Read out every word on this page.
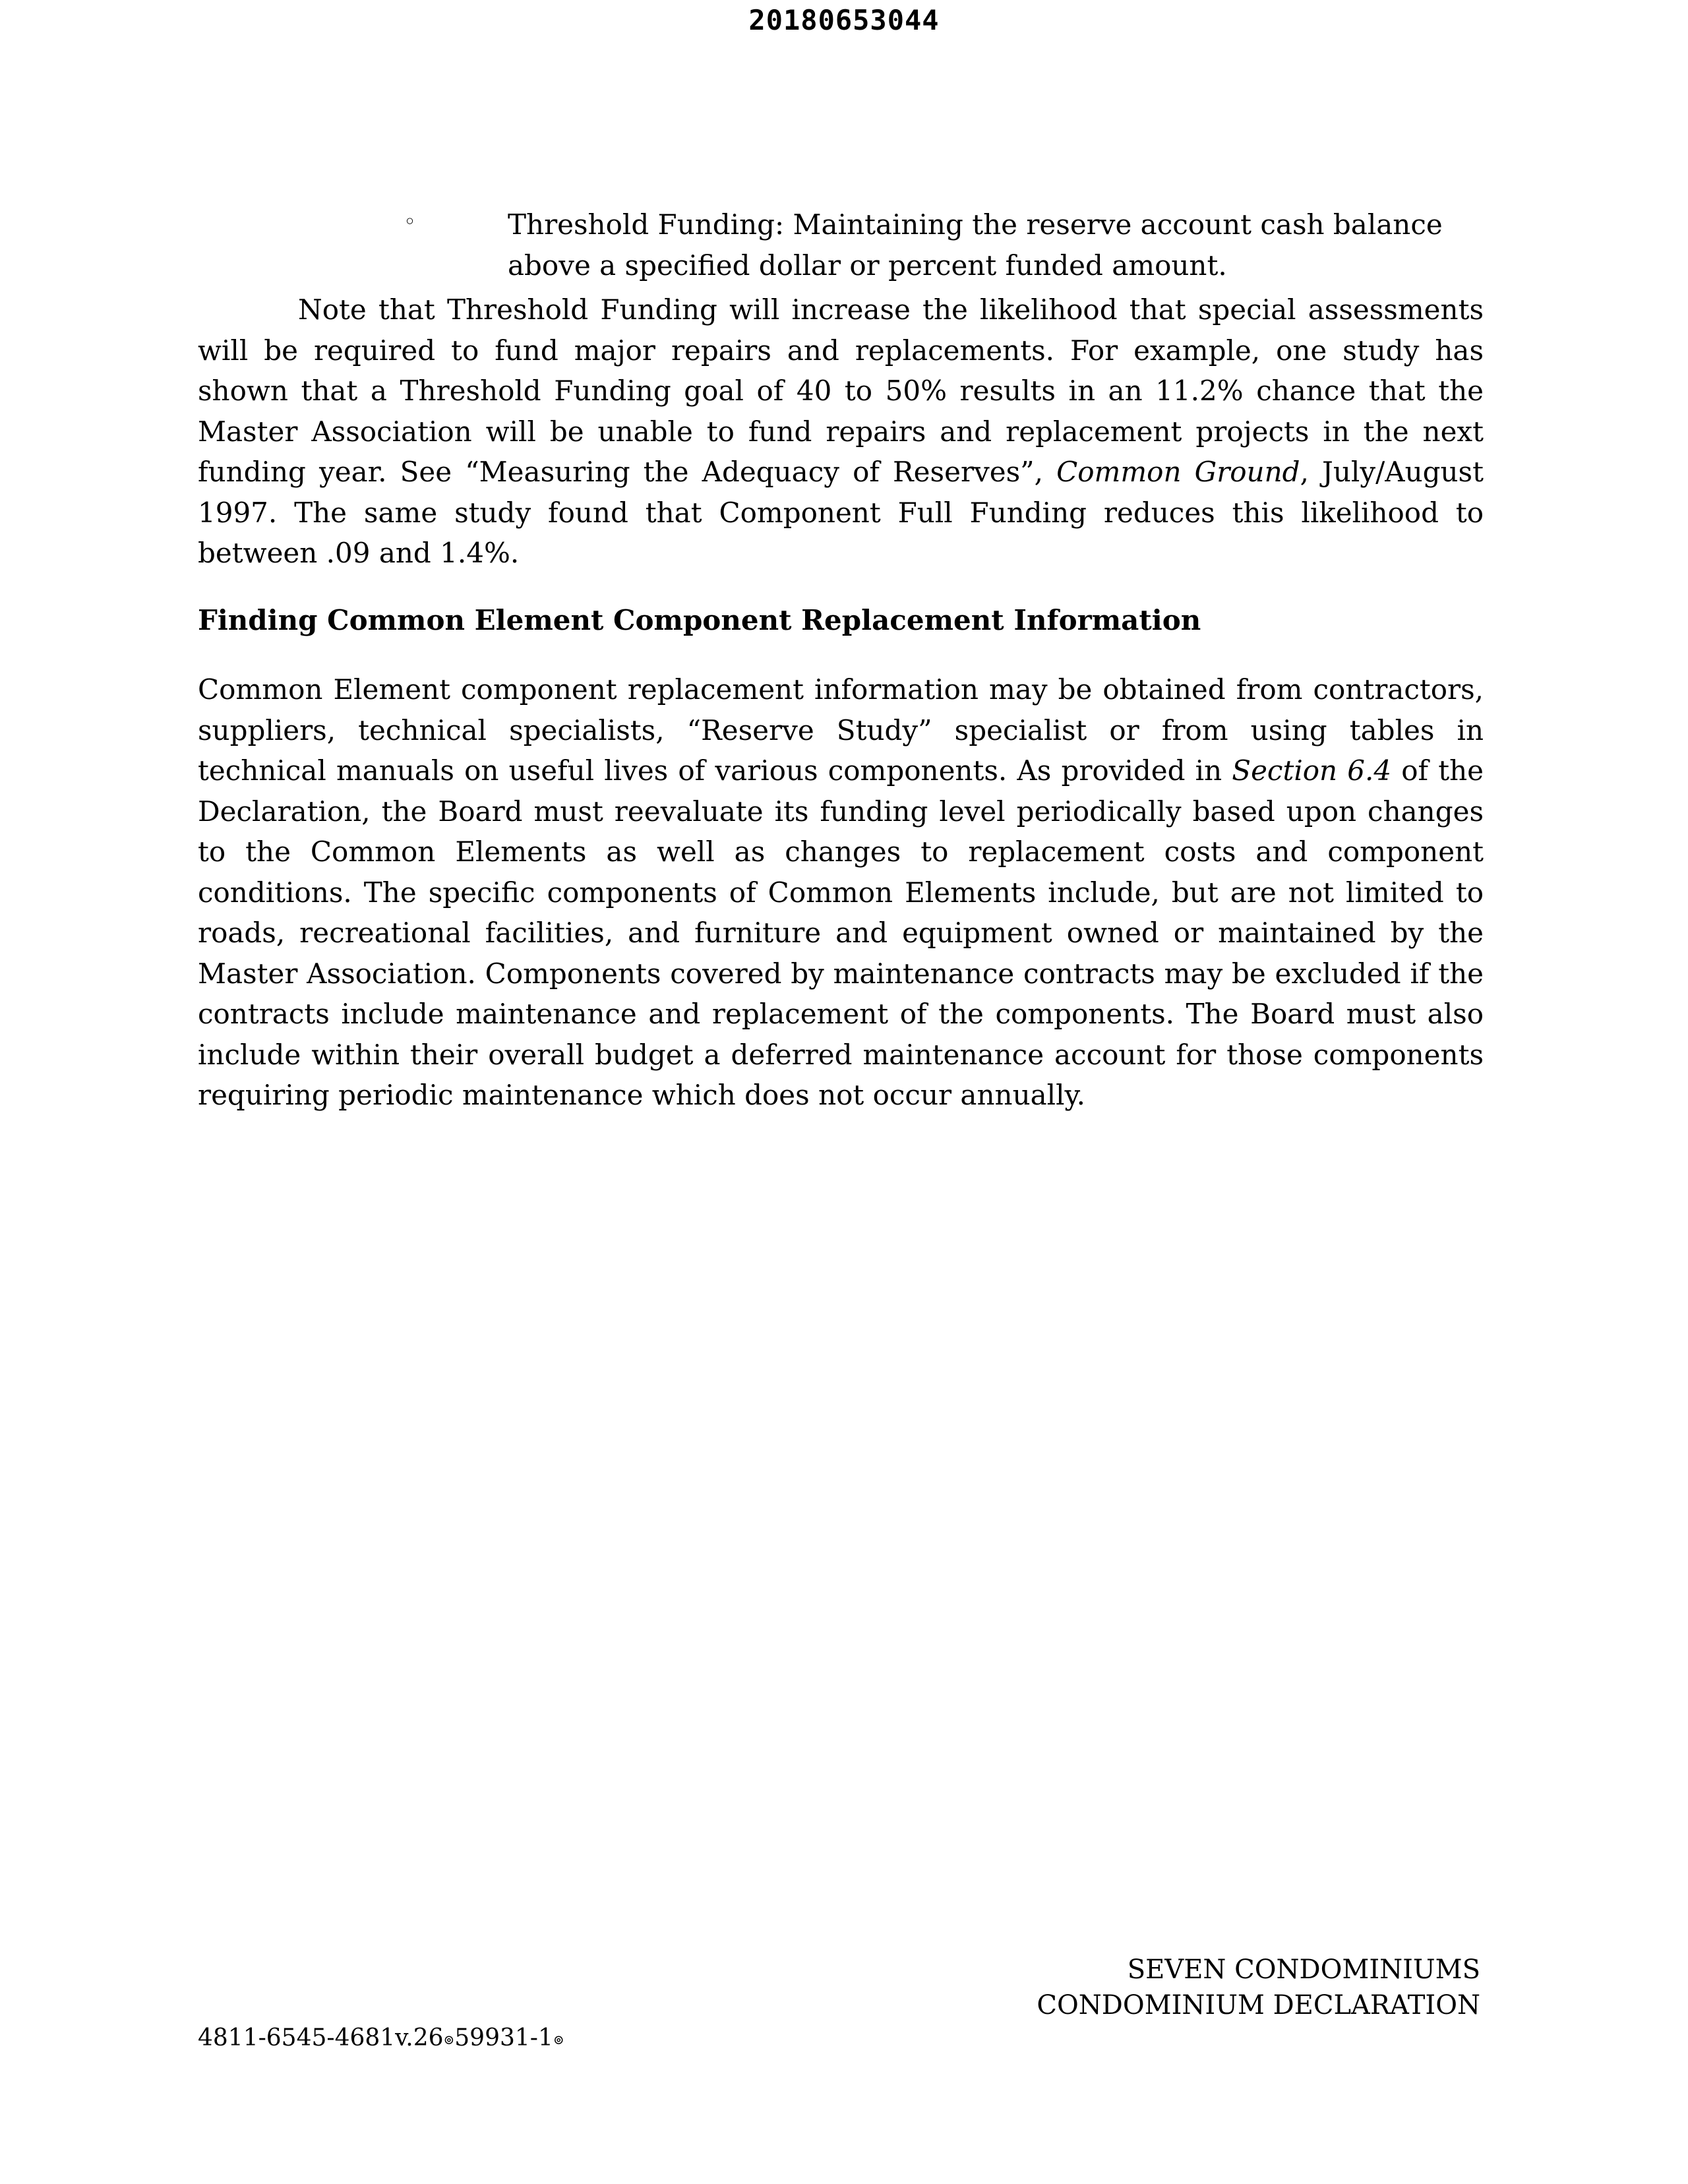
20180653044

◦	Threshold Funding: Maintaining the reserve account cash balance above a specified dollar or percent funded amount.

Note that Threshold Funding will increase the likelihood that special assessments will be required to fund major repairs and replacements. For example, one study has shown that a Threshold Funding goal of 40 to 50% results in an 11.2% chance that the Master Association will be unable to fund repairs and replacement projects in the next funding year. See “Measuring the Adequacy of Reserves”, Common Ground, July/August 1997. The same study found that Component Full Funding reduces this likelihood to between .09 and 1.4%.

Finding Common Element Component Replacement Information

Common Element component replacement information may be obtained from contractors, suppliers, technical specialists, “Reserve Study” specialist or from using tables in technical manuals on useful lives of various components. As provided in Section 6.4 of the Declaration, the Board must reevaluate its funding level periodically based upon changes to the Common Elements as well as changes to replacement costs and component conditions. The specific components of Common Elements include, but are not limited to roads, recreational facilities, and furniture and equipment owned or maintained by the Master Association. Components covered by maintenance contracts may be excluded if the contracts include maintenance and replacement of the components. The Board must also include within their overall budget a deferred maintenance account for those components requiring periodic maintenance which does not occur annually.

SEVEN CONDOMINIUMS
CONDOMINIUM DECLARATION
4811-6545-4681v.26⊚59931-1⊚
